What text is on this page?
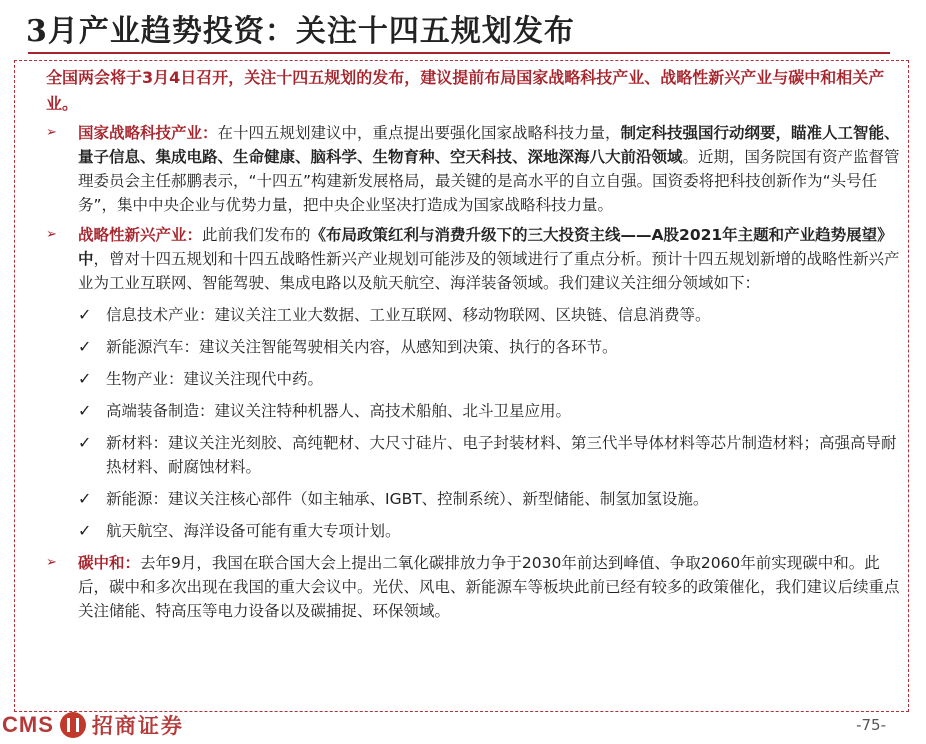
3月产业趋势投资：关注十四五规划发布
全国两会将于3月4日召开，关注十四五规划的发布，建议提前布局国家战略科技产业、战略性新兴产业与碳中和相关产业。
➢ 国家战略科技产业：在十四五规划建议中，重点提出要强化国家战略科技力量，制定科技强国行动纲要，瞄准人工智能、量子信息、集成电路、生命健康、脑科学、生物育种、空天科技、深地深海八大前沿领域。近期，国务院国有资产监督管理委员会主任郝鹏表示，“十四五”构建新发展格局，最关键的是高水平的自立自强。国资委将把科技创新作为“头号任务”，集中中央企业与优势力量，把中央企业坚决打造成为国家战略科技力量。
➢ 战略性新兴产业：此前我们发布的《布局政策红利与消费升级下的三大投资主线——A股2021年主题和产业趋势展望》中，曾对十四五规划和十四五战略性新兴产业规划可能涉及的领域进行了重点分析。预计十四五规划新增的战略性新兴产业为工业互联网、智能驾驶、集成电路以及航天航空、海洋装备领域。我们建议关注细分领域如下：
✓ 信息技术产业：建议关注工业大数据、工业互联网、移动物联网、区块链、信息消费等。
✓ 新能源汽车：建议关注智能驾驶相关内容，从感知到决策、执行的各环节。
✓ 生物产业：建议关注现代中药。
✓ 高端装备制造：建议关注特种机器人、高技术船舶、北斗卫星应用。
✓ 新材料：建议关注光刻胶、高纯靶材、大尺寸硅片、电子封装材料、第三代半导体材料等芯片制造材料；高强高导耐热材料、耐腐蚀材料。
✓ 新能源：建议关注核心部件（如主轴承、IGBT、控制系统）、新型储能、制氢加氢设施。
✓ 航天航空、海洋设备可能有重大专项计划。
➢ 碳中和：去年9月，我国在联合国大会上提出二氧化碳排放力争于2030年前达到峰值、争取2060年前实现碳中和。此后，碳中和多次出现在我国的重大会议中。光伏、风电、新能源车等板块此前已经有较多的政策催化，我们建议后续重点关注储能、特高压等电力设备以及碳捕捉、环保领域。
CMS 招商证券	-75-
